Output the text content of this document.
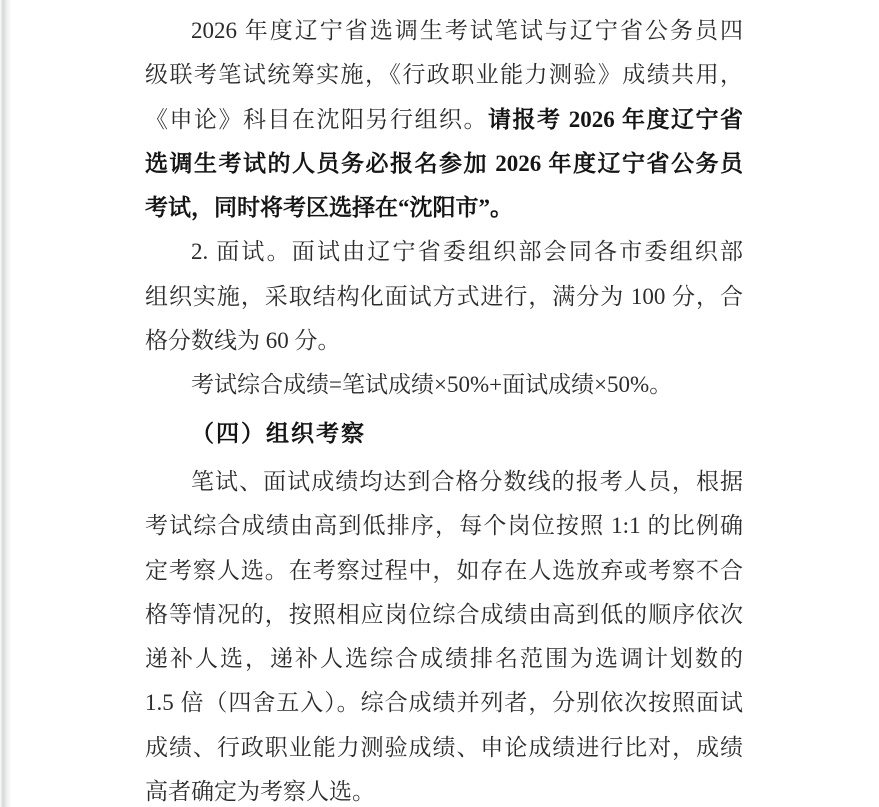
2026 年度辽宁省选调生考试笔试与辽宁省公务员四
级联考笔试统筹实施，《行政职业能力测验》成绩共用，
《申论》科目在沈阳另行组织。请报考 2026 年度辽宁省
选调生考试的人员务必报名参加 2026 年度辽宁省公务员
考试，同时将考区选择在“沈阳市”。
2. 面试。面试由辽宁省委组织部会同各市委组织部
组织实施，采取结构化面试方式进行，满分为 100 分，合
格分数线为 60 分。
考试综合成绩=笔试成绩×50%+面试成绩×50%。
（四）组织考察
笔试、面试成绩均达到合格分数线的报考人员，根据
考试综合成绩由高到低排序，每个岗位按照 1:1 的比例确
定考察人选。在考察过程中，如存在人选放弃或考察不合
格等情况的，按照相应岗位综合成绩由高到低的顺序依次
递补人选，递补人选综合成绩排名范围为选调计划数的
1.5 倍（四舍五入）。综合成绩并列者，分别依次按照面试
成绩、行政职业能力测验成绩、申论成绩进行比对，成绩
高者确定为考察人选。
